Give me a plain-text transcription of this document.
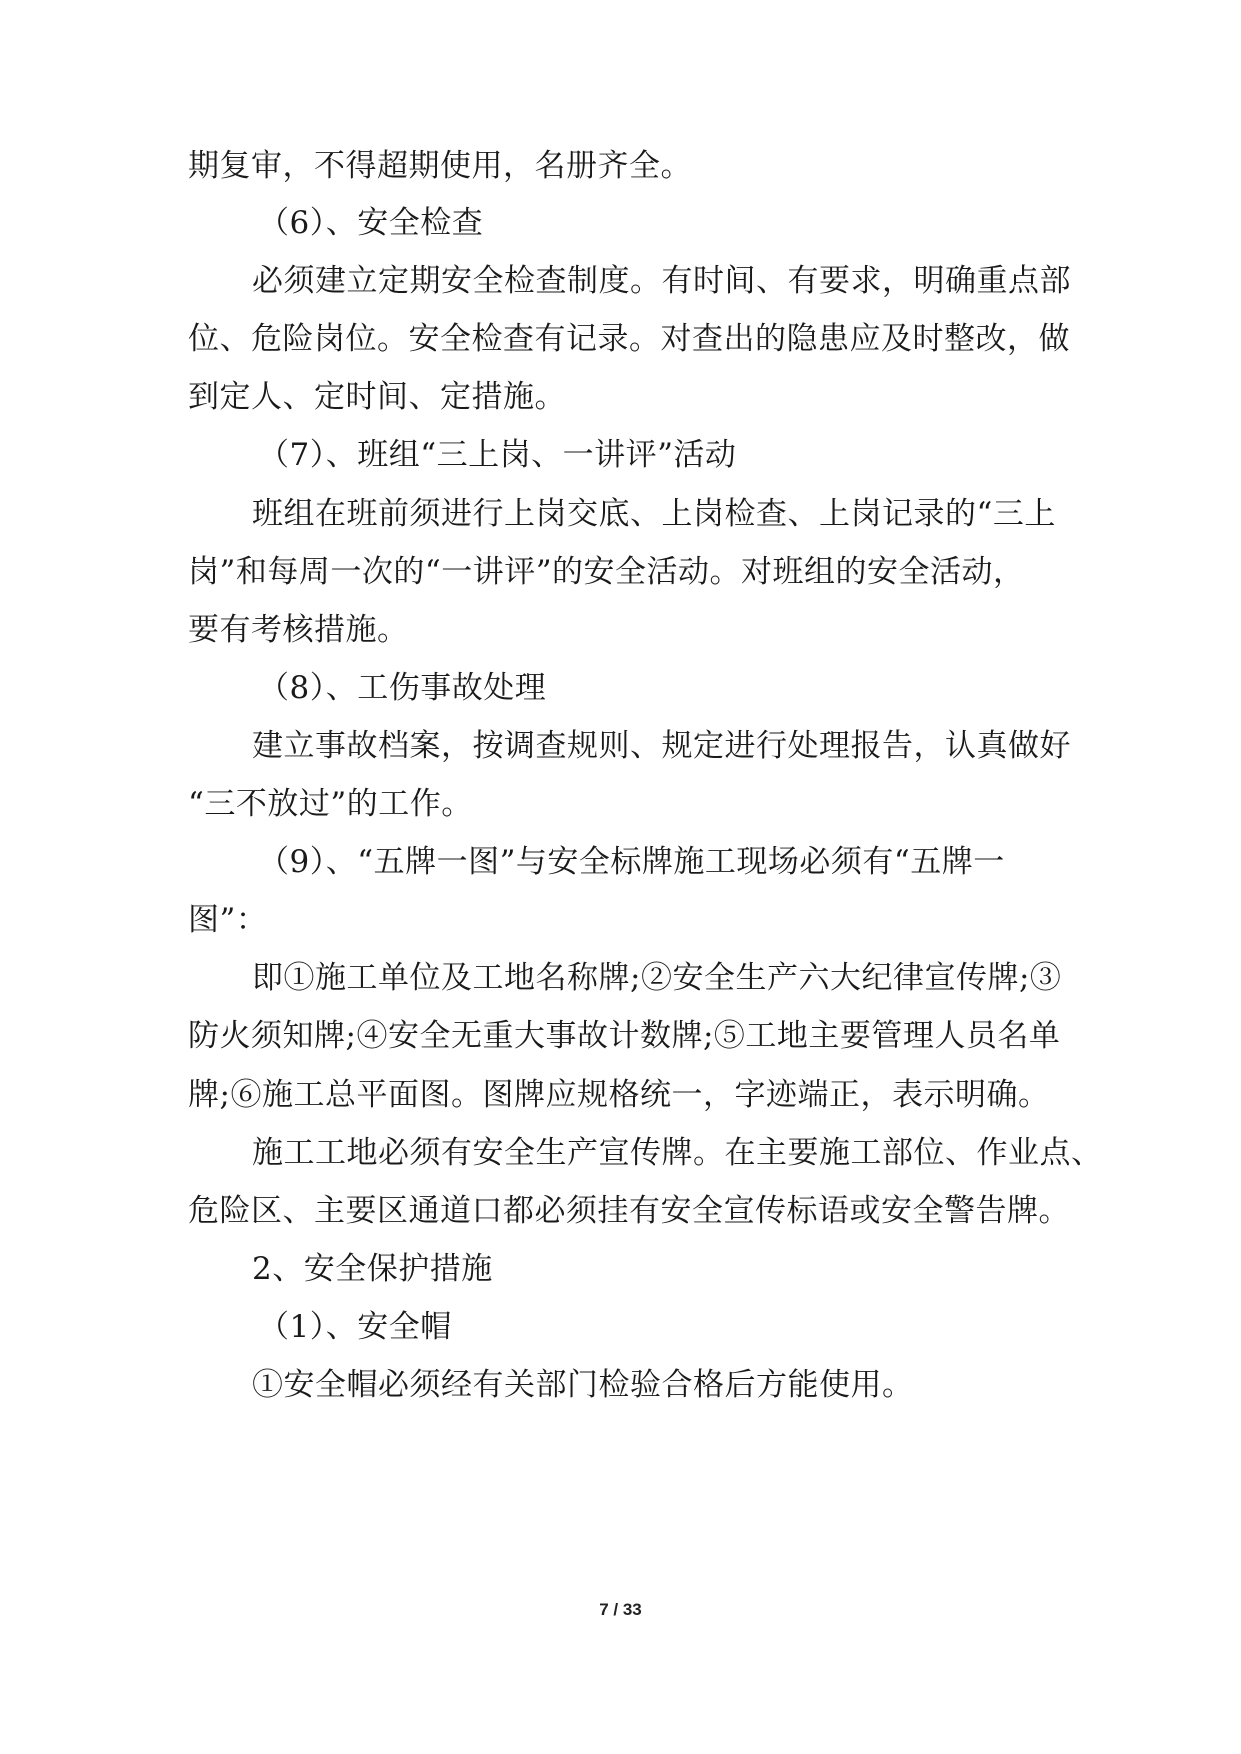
期复审，不得超期使用，名册齐全。
（6）、安全检查
必须建立定期安全检查制度。有时间、有要求，明确重点部
位、危险岗位。安全检查有记录。对查出的隐患应及时整改，做
到定人、定时间、定措施。
（7）、班组“三上岗、一讲评”活动
班组在班前须进行上岗交底、上岗检查、上岗记录的“三上
岗”和每周一次的“一讲评”的安全活动。对班组的安全活动，
要有考核措施。
（8）、工伤事故处理
建立事故档案，按调查规则、规定进行处理报告，认真做好
“三不放过”的工作。
（9）、“五牌一图”与安全标牌施工现场必须有“五牌一
图”：
即①施工单位及工地名称牌;②安全生产六大纪律宣传牌;③
防火须知牌;④安全无重大事故计数牌;⑤工地主要管理人员名单
牌;⑥施工总平面图。图牌应规格统一，字迹端正，表示明确。
施工工地必须有安全生产宣传牌。在主要施工部位、作业点、
危险区、主要区通道口都必须挂有安全宣传标语或安全警告牌。
2、安全保护措施
（1）、安全帽
①安全帽必须经有关部门检验合格后方能使用。
7 / 33
